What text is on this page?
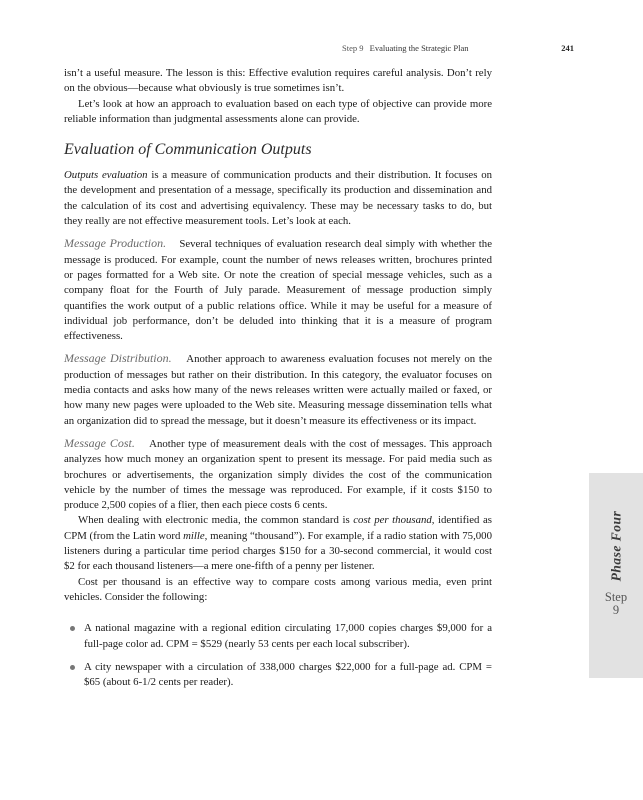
Step 9 Evaluating the Strategic Plan	241

isn’t a useful measure. The lesson is this: Effective evalution requires careful analysis. Don’t rely on the obvious—because what obviously is true sometimes isn’t.

Let’s look at how an approach to evaluation based on each type of objective can provide more reliable information than judgmental assessments alone can provide.

Evaluation of Communication Outputs

Outputs evaluation is a measure of communication products and their distribution. It focuses on the development and presentation of a message, specifically its production and dissemination and the calculation of its cost and advertising equivalency. These may be necessary tasks to do, but they really are not effective measurement tools. Let’s look at each.

Message Production. Several techniques of evaluation research deal simply with whether the message is produced. For example, count the number of news releases written, brochures printed or pages formatted for a Web site. Or note the creation of special message vehicles, such as a company float for the Fourth of July parade. Measurement of message production simply quantifies the work output of a public relations office. While it may be useful for a measure of individual job performance, don’t be deluded into thinking that it is a measure of program effectiveness.

Message Distribution. Another approach to awareness evaluation focuses not merely on the production of messages but rather on their distribution. In this category, the evaluator focuses on media contacts and asks how many of the news releases written were actually mailed or faxed, or how many new pages were uploaded to the Web site. Measuring message dissemination tells what an organization did to spread the message, but it doesn’t measure its effectiveness or its impact.

Message Cost. Another type of measurement deals with the cost of messages. This approach analyzes how much money an organization spent to present its message. For paid media such as brochures or advertisements, the organization simply divides the cost of the communication vehicle by the number of times the message was reproduced. For example, if it costs $150 to produce 2,500 copies of a flier, then each piece costs 6 cents.

When dealing with electronic media, the common standard is cost per thousand, identified as CPM (from the Latin word mille, meaning “thousand”). For example, if a radio station with 75,000 listeners during a particular time period charges $150 for a 30-second commercial, it would cost $2 for each thousand listeners—a mere one-fifth of a penny per listener.

Cost per thousand is an effective way to compare costs among various media, even print vehicles. Consider the following:

A national magazine with a regional edition circulating 17,000 copies charges $9,000 for a full-page color ad. CPM = $529 (nearly 53 cents per each local subscriber).
A city newspaper with a circulation of 338,000 charges $22,000 for a full-page ad. CPM = $65 (about 6-1/2 cents per reader).
Phase Four
Step
9
